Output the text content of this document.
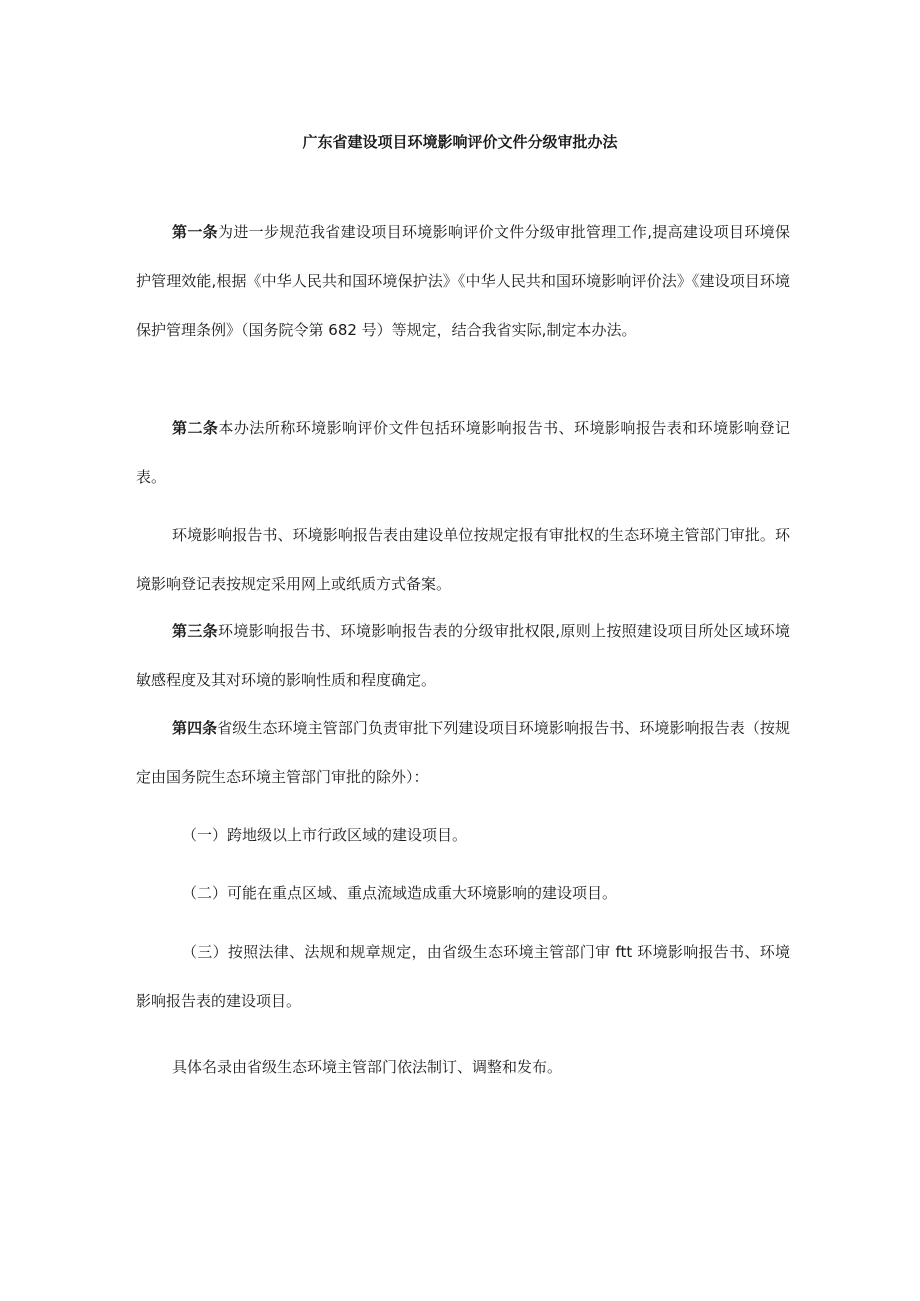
广东省建设项目环境影响评价文件分级审批办法

第一条为进一步规范我省建设项目环境影响评价文件分级审批管理工作,提高建设项目环境保护管理效能,根据《中华人民共和国环境保护法》《中华人民共和国环境影响评价法》《建设项目环境保护管理条例》（国务院令第 682 号）等规定，结合我省实际,制定本办法。

第二条本办法所称环境影响评价文件包括环境影响报告书、环境影响报告表和环境影响登记表。

环境影响报告书、环境影响报告表由建设单位按规定报有审批权的生态环境主管部门审批。环境影响登记表按规定采用网上或纸质方式备案。

第三条环境影响报告书、环境影响报告表的分级审批权限,原则上按照建设项目所处区域环境敏感程度及其对环境的影响性质和程度确定。

第四条省级生态环境主管部门负责审批下列建设项目环境影响报告书、环境影响报告表（按规定由国务院生态环境主管部门审批的除外）：

（一）跨地级以上市行政区域的建设项目。

（二）可能在重点区域、重点流域造成重大环境影响的建设项目。

（三）按照法律、法规和规章规定，由省级生态环境主管部门审 ftt 环境影响报告书、环境影响报告表的建设项目。

具体名录由省级生态环境主管部门依法制订、调整和发布。
